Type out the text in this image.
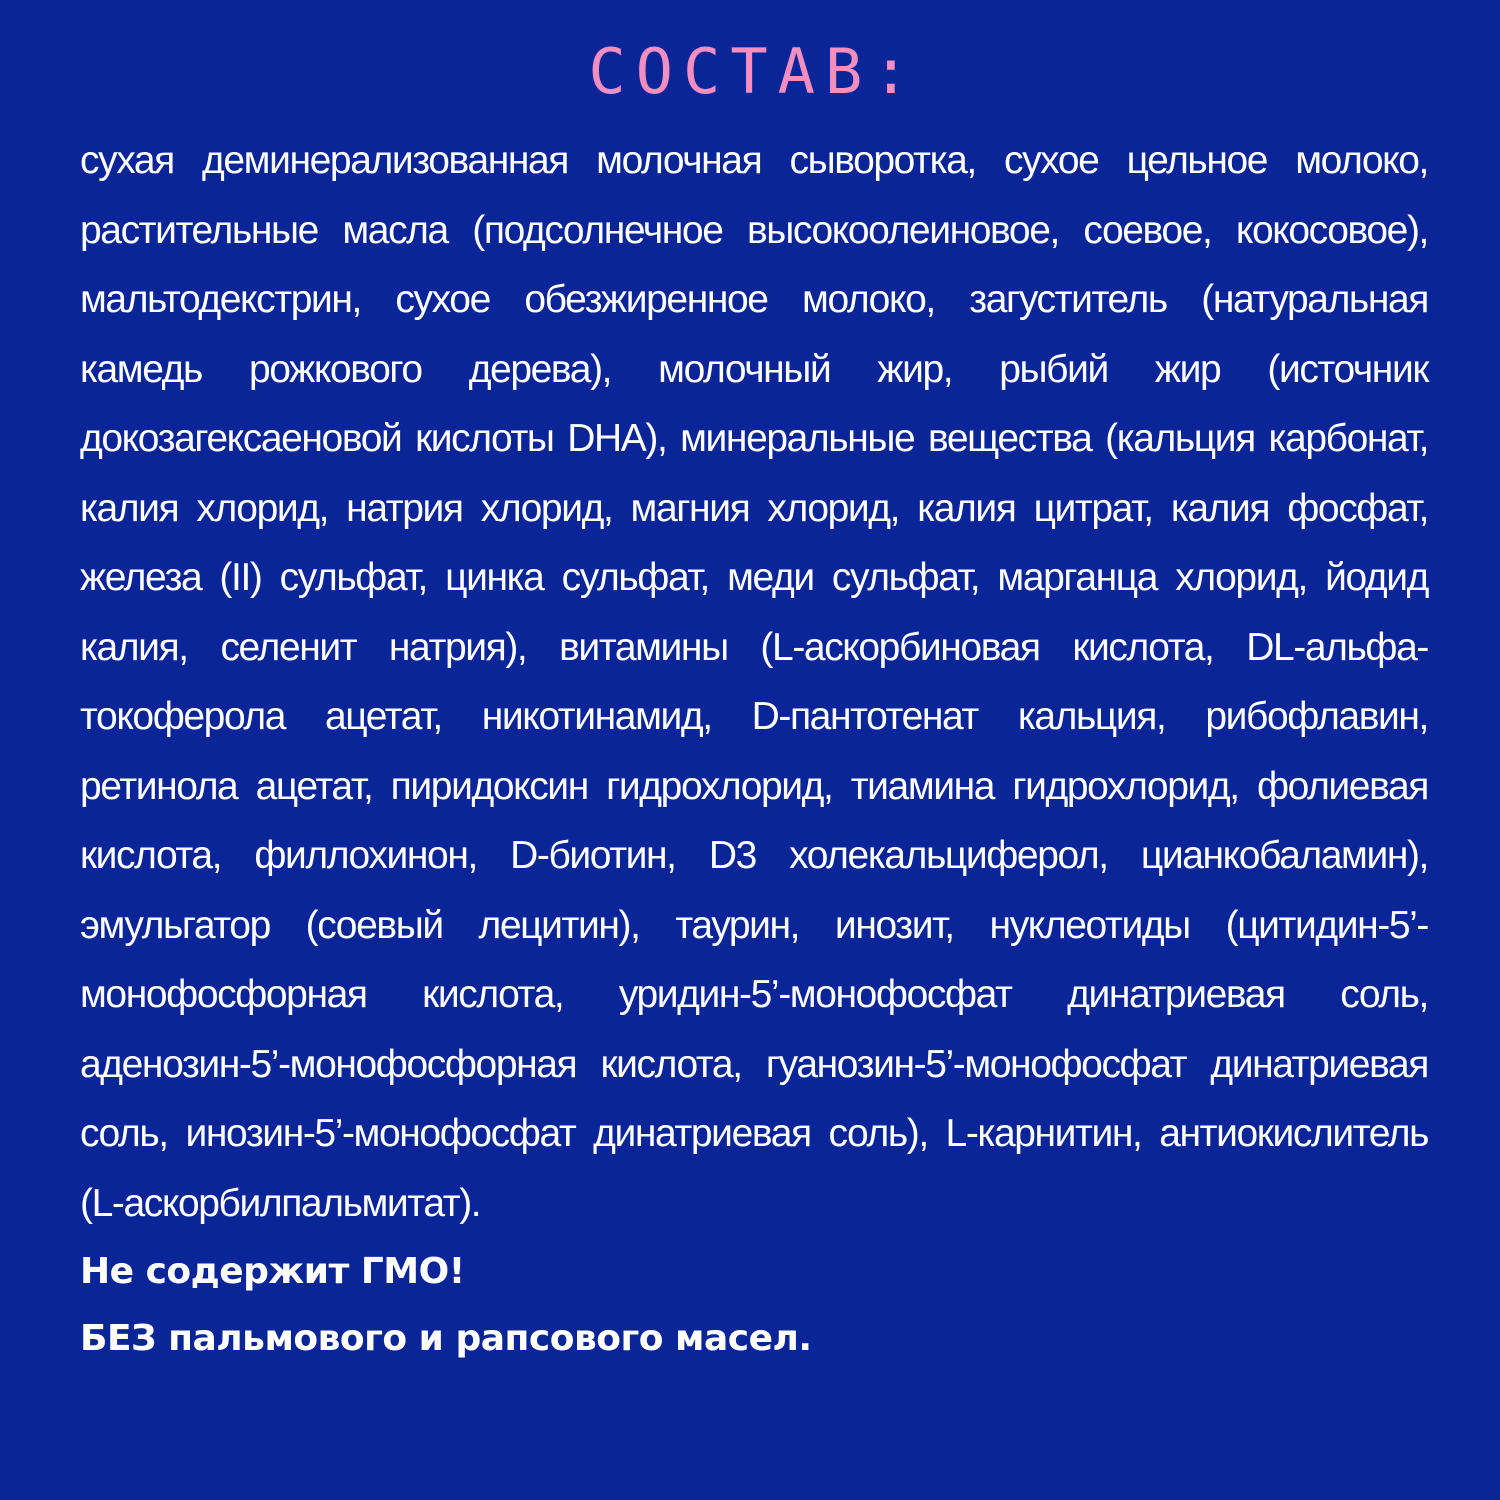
СОСТАВ:

сухая деминерализованная молочная сыворотка, сухое цельное молоко, растительные масла (подсолнечное высокоолеиновое, соевое, кокосовое), мальтодекстрин, сухое обезжиренное молоко, загуститель (натуральная камедь рожкового дерева), молочный жир, рыбий жир (источник докозагексаеновой кислоты DHA), минеральные вещества (кальция карбонат, калия хлорид, натрия хлорид, магния хлорид, калия цитрат, калия фосфат, железа (II) сульфат, цинка сульфат, меди сульфат, марганца хлорид, йодид калия, селенит натрия), витамины (L-аскорбиновая кислота, DL-альфа-токоферола ацетат, никотинамид, D-пантотенат кальция, рибофлавин, ретинола ацетат, пиридоксин гидрохлорид, тиамина гидрохлорид, фолиевая кислота, филлохинон, D-биотин, D3 холекальциферол, цианкобаламин), эмульгатор (соевый лецитин), таурин, инозит, нуклеотиды (цитидин-5’-монофосфорная кислота, уридин-5’-монофосфат динатриевая соль, аденозин-5’-монофосфорная кислота, гуанозин-5’-монофосфат динатриевая соль, инозин-5’-монофосфат динатриевая соль), L-карнитин, антиокислитель (L-аскорбилпальмитат).

Не содержит ГМО!

БЕЗ пальмового и рапсового масел.
